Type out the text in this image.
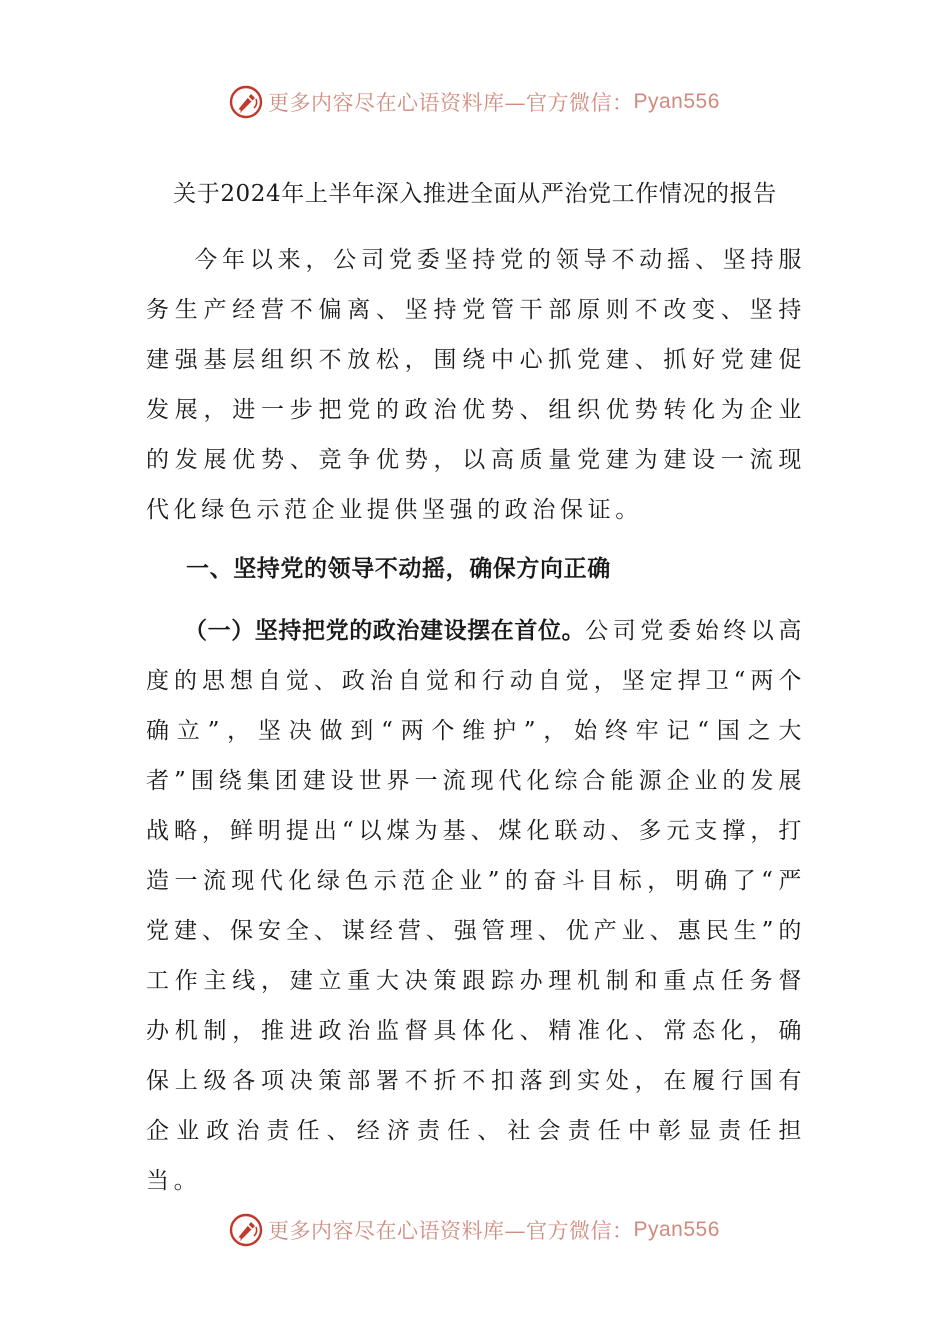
更多内容尽在心语资料库—官方微信： Pyan556
关于2024年上半年深入推进全面从严治党工作情况的报告

今年以来，公司党委坚持党的领导不动摇、坚持服务生产经营不偏离、坚持党管干部原则不改变、坚持建强基层组织不放松，围绕中心抓党建、抓好党建促发展，进一步把党的政治优势、组织优势转化为企业的发展优势、竞争优势，以高质量党建为建设一流现代化绿色示范企业提供坚强的政治保证。

一、坚持党的领导不动摇，确保方向正确

（一）坚持把党的政治建设摆在首位。公司党委始终以高度的思想自觉、政治自觉和行动自觉，坚定捍卫“两个确立”，坚决做到“两个维护”，始终牢记“国之大者”围绕集团建设世界一流现代化综合能源企业的发展战略，鲜明提出“以煤为基、煤化联动、多元支撑，打造一流现代化绿色示范企业”的奋斗目标，明确了“严党建、保安全、谋经营、强管理、优产业、惠民生”的工作主线，建立重大决策跟踪办理机制和重点任务督办机制，推进政治监督具体化、精准化、常态化，确保上级各项决策部署不折不扣落到实处，在履行国有企业政治责任、经济责任、社会责任中彰显责任担当。

更多内容尽在心语资料库—官方微信： Pyan556
